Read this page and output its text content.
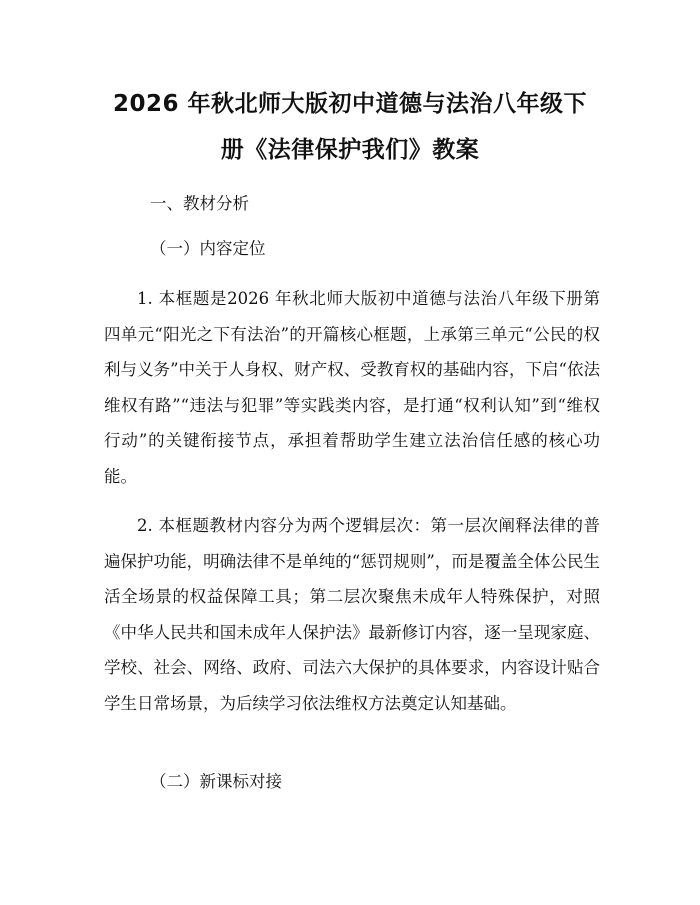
2026 年秋北师大版初中道德与法治八年级下
册《法律保护我们》教案
一、教材分析
（一）内容定位

1. 本框题是2026 年秋北师大版初中道德与法治八年级下册第四单元“阳光之下有法治”的开篇核心框题，上承第三单元“公民的权利与义务”中关于人身权、财产权、受教育权的基础内容，下启“依法维权有路”“违法与犯罪”等实践类内容，是打通“权利认知”到“维权行动”的关键衔接节点，承担着帮助学生建立法治信任感的核心功能。

2. 本框题教材内容分为两个逻辑层次：第一层次阐释法律的普遍保护功能，明确法律不是单纯的“惩罚规则”，而是覆盖全体公民生活全场景的权益保障工具；第二层次聚焦未成年人特殊保护，对照《中华人民共和国未成年人保护法》最新修订内容，逐一呈现家庭、学校、社会、网络、政府、司法六大保护的具体要求，内容设计贴合学生日常场景，为后续学习依法维权方法奠定认知基础。

（二）新课标对接
